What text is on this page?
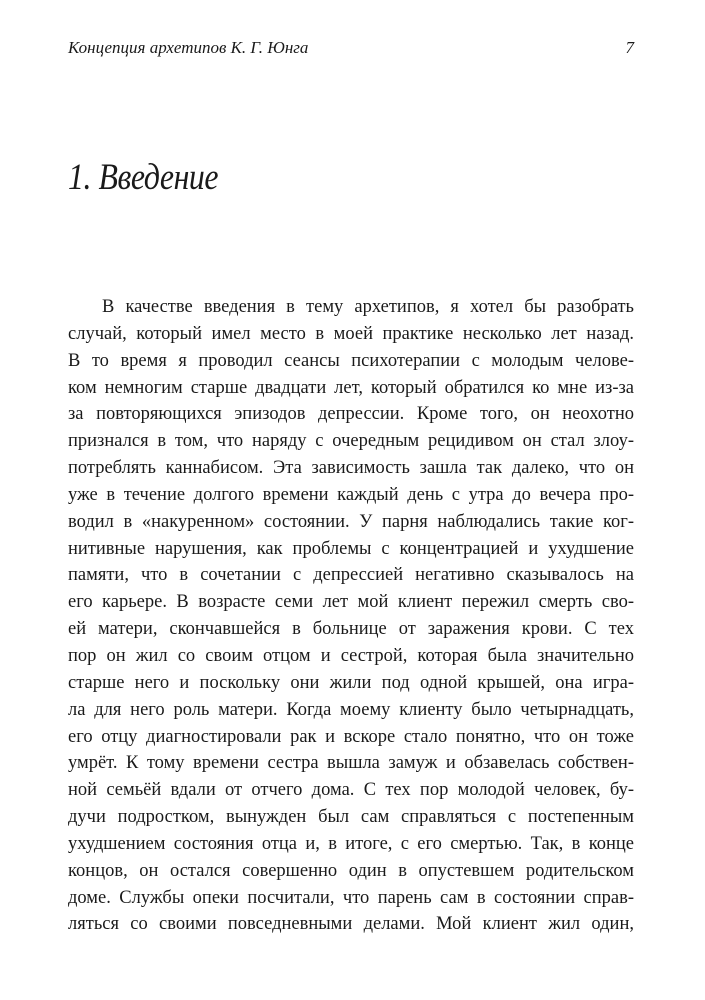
Концепция архетипов К. Г. Юнга	7
1. Введение
В качестве введения в тему архетипов, я хотел бы разобрать
случай, который имел место в моей практике несколько лет назад.
В то время я проводил сеансы психотерапии с молодым челове-
ком немногим старше двадцати лет, который обратился ко мне из-за
за повторяющихся эпизодов депрессии. Кроме того, он неохотно
признался в том, что наряду с очередным рецидивом он стал злоу-
потреблять каннабисом. Эта зависимость зашла так далеко, что он
уже в течение долгого времени каждый день с утра до вечера про-
водил в «накуренном» состоянии. У парня наблюдались такие ког-
нитивные нарушения, как проблемы с концентрацией и ухудшение
памяти, что в сочетании с депрессией негативно сказывалось на
его карьере. В возрасте семи лет мой клиент пережил смерть сво-
ей матери, скончавшейся в больнице от заражения крови. С тех
пор он жил со своим отцом и сестрой, которая была значительно
старше него и поскольку они жили под одной крышей, она игра-
ла для него роль матери. Когда моему клиенту было четырнадцать,
его отцу диагностировали рак и вскоре стало понятно, что он тоже
умрёт. К тому времени сестра вышла замуж и обзавелась собствен-
ной семьёй вдали от отчего дома. С тех пор молодой человек, бу-
дучи подростком, вынужден был сам справляться с постепенным
ухудшением состояния отца и, в итоге, с его смертью. Так, в конце
концов, он остался совершенно один в опустевшем родительском
доме. Службы опеки посчитали, что парень сам в состоянии справ-
ляться со своими повседневными делами. Мой клиент жил один,
